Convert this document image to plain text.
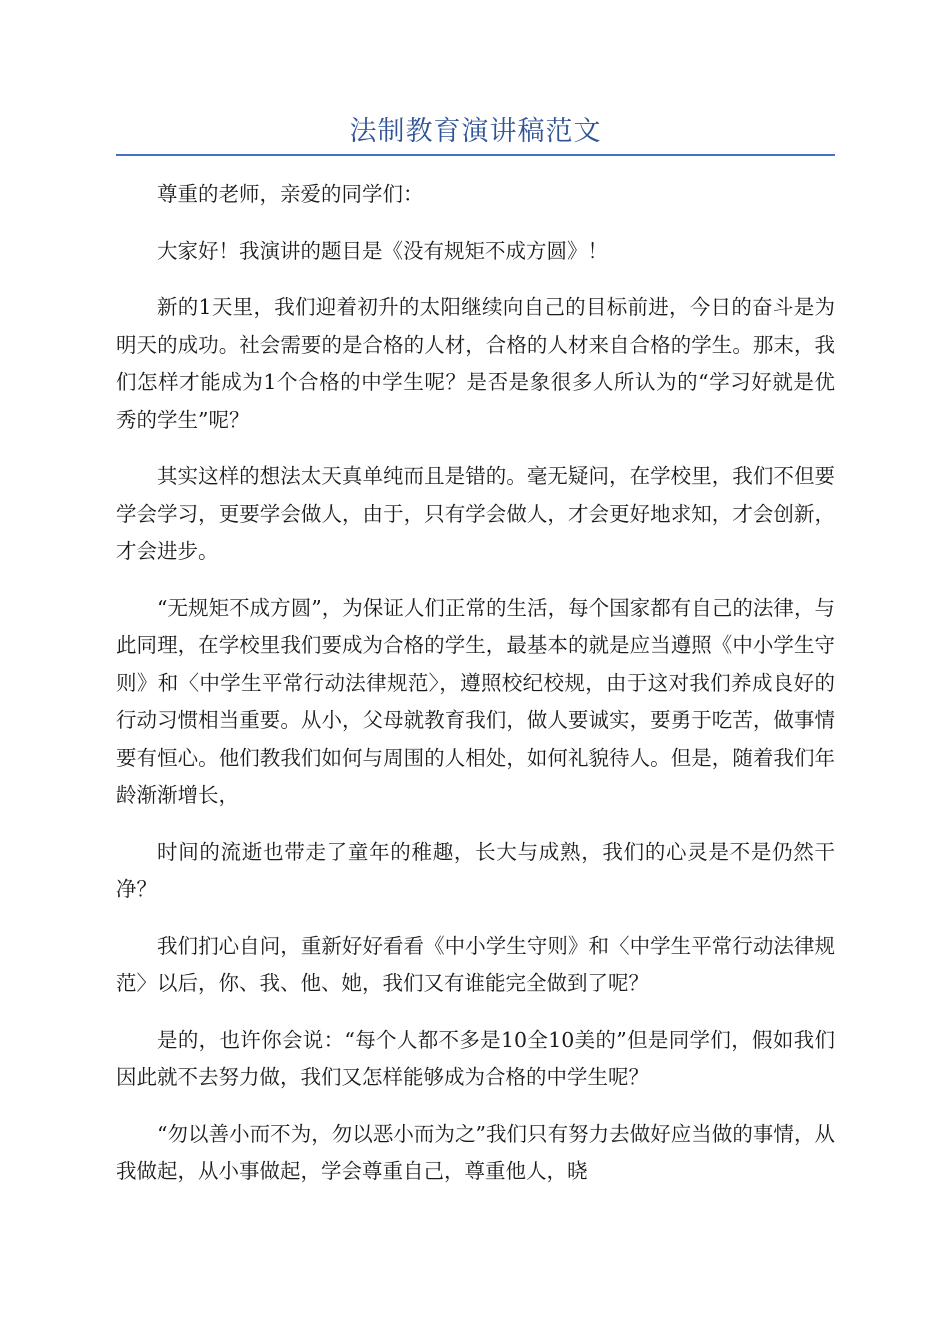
法制教育演讲稿范文

尊重的老师，亲爱的同学们：

大家好！我演讲的题目是《没有规矩不成方圆》！

新的1天里，我们迎着初升的太阳继续向自己的目标前进，今日的奋斗是为明天的成功。社会需要的是合格的人材，合格的人材来自合格的学生。那末，我们怎样才能成为1个合格的中学生呢？是否是象很多人所认为的“学习好就是优秀的学生”呢？

其实这样的想法太天真单纯而且是错的。毫无疑问，在学校里，我们不但要学会学习，更要学会做人，由于，只有学会做人，才会更好地求知，才会创新，才会进步。

“无规矩不成方圆”，为保证人们正常的生活，每个国家都有自己的法律，与此同理，在学校里我们要成为合格的学生，最基本的就是应当遵照《中小学生守则》和〈中学生平常行动法律规范〉，遵照校纪校规，由于这对我们养成良好的行动习惯相当重要。从小，父母就教育我们，做人要诚实，要勇于吃苦，做事情要有恒心。他们教我们如何与周围的人相处，如何礼貌待人。但是，随着我们年龄渐渐增长，

时间的流逝也带走了童年的稚趣，长大与成熟，我们的心灵是不是仍然干净？

我们扪心自问，重新好好看看《中小学生守则》和〈中学生平常行动法律规范〉以后，你、我、他、她，我们又有谁能完全做到了呢？

是的，也许你会说：“每个人都不多是10全10美的”但是同学们，假如我们因此就不去努力做，我们又怎样能够成为合格的中学生呢？

“勿以善小而不为，勿以恶小而为之”我们只有努力去做好应当做的事情，从我做起，从小事做起，学会尊重自己，尊重他人，晓
